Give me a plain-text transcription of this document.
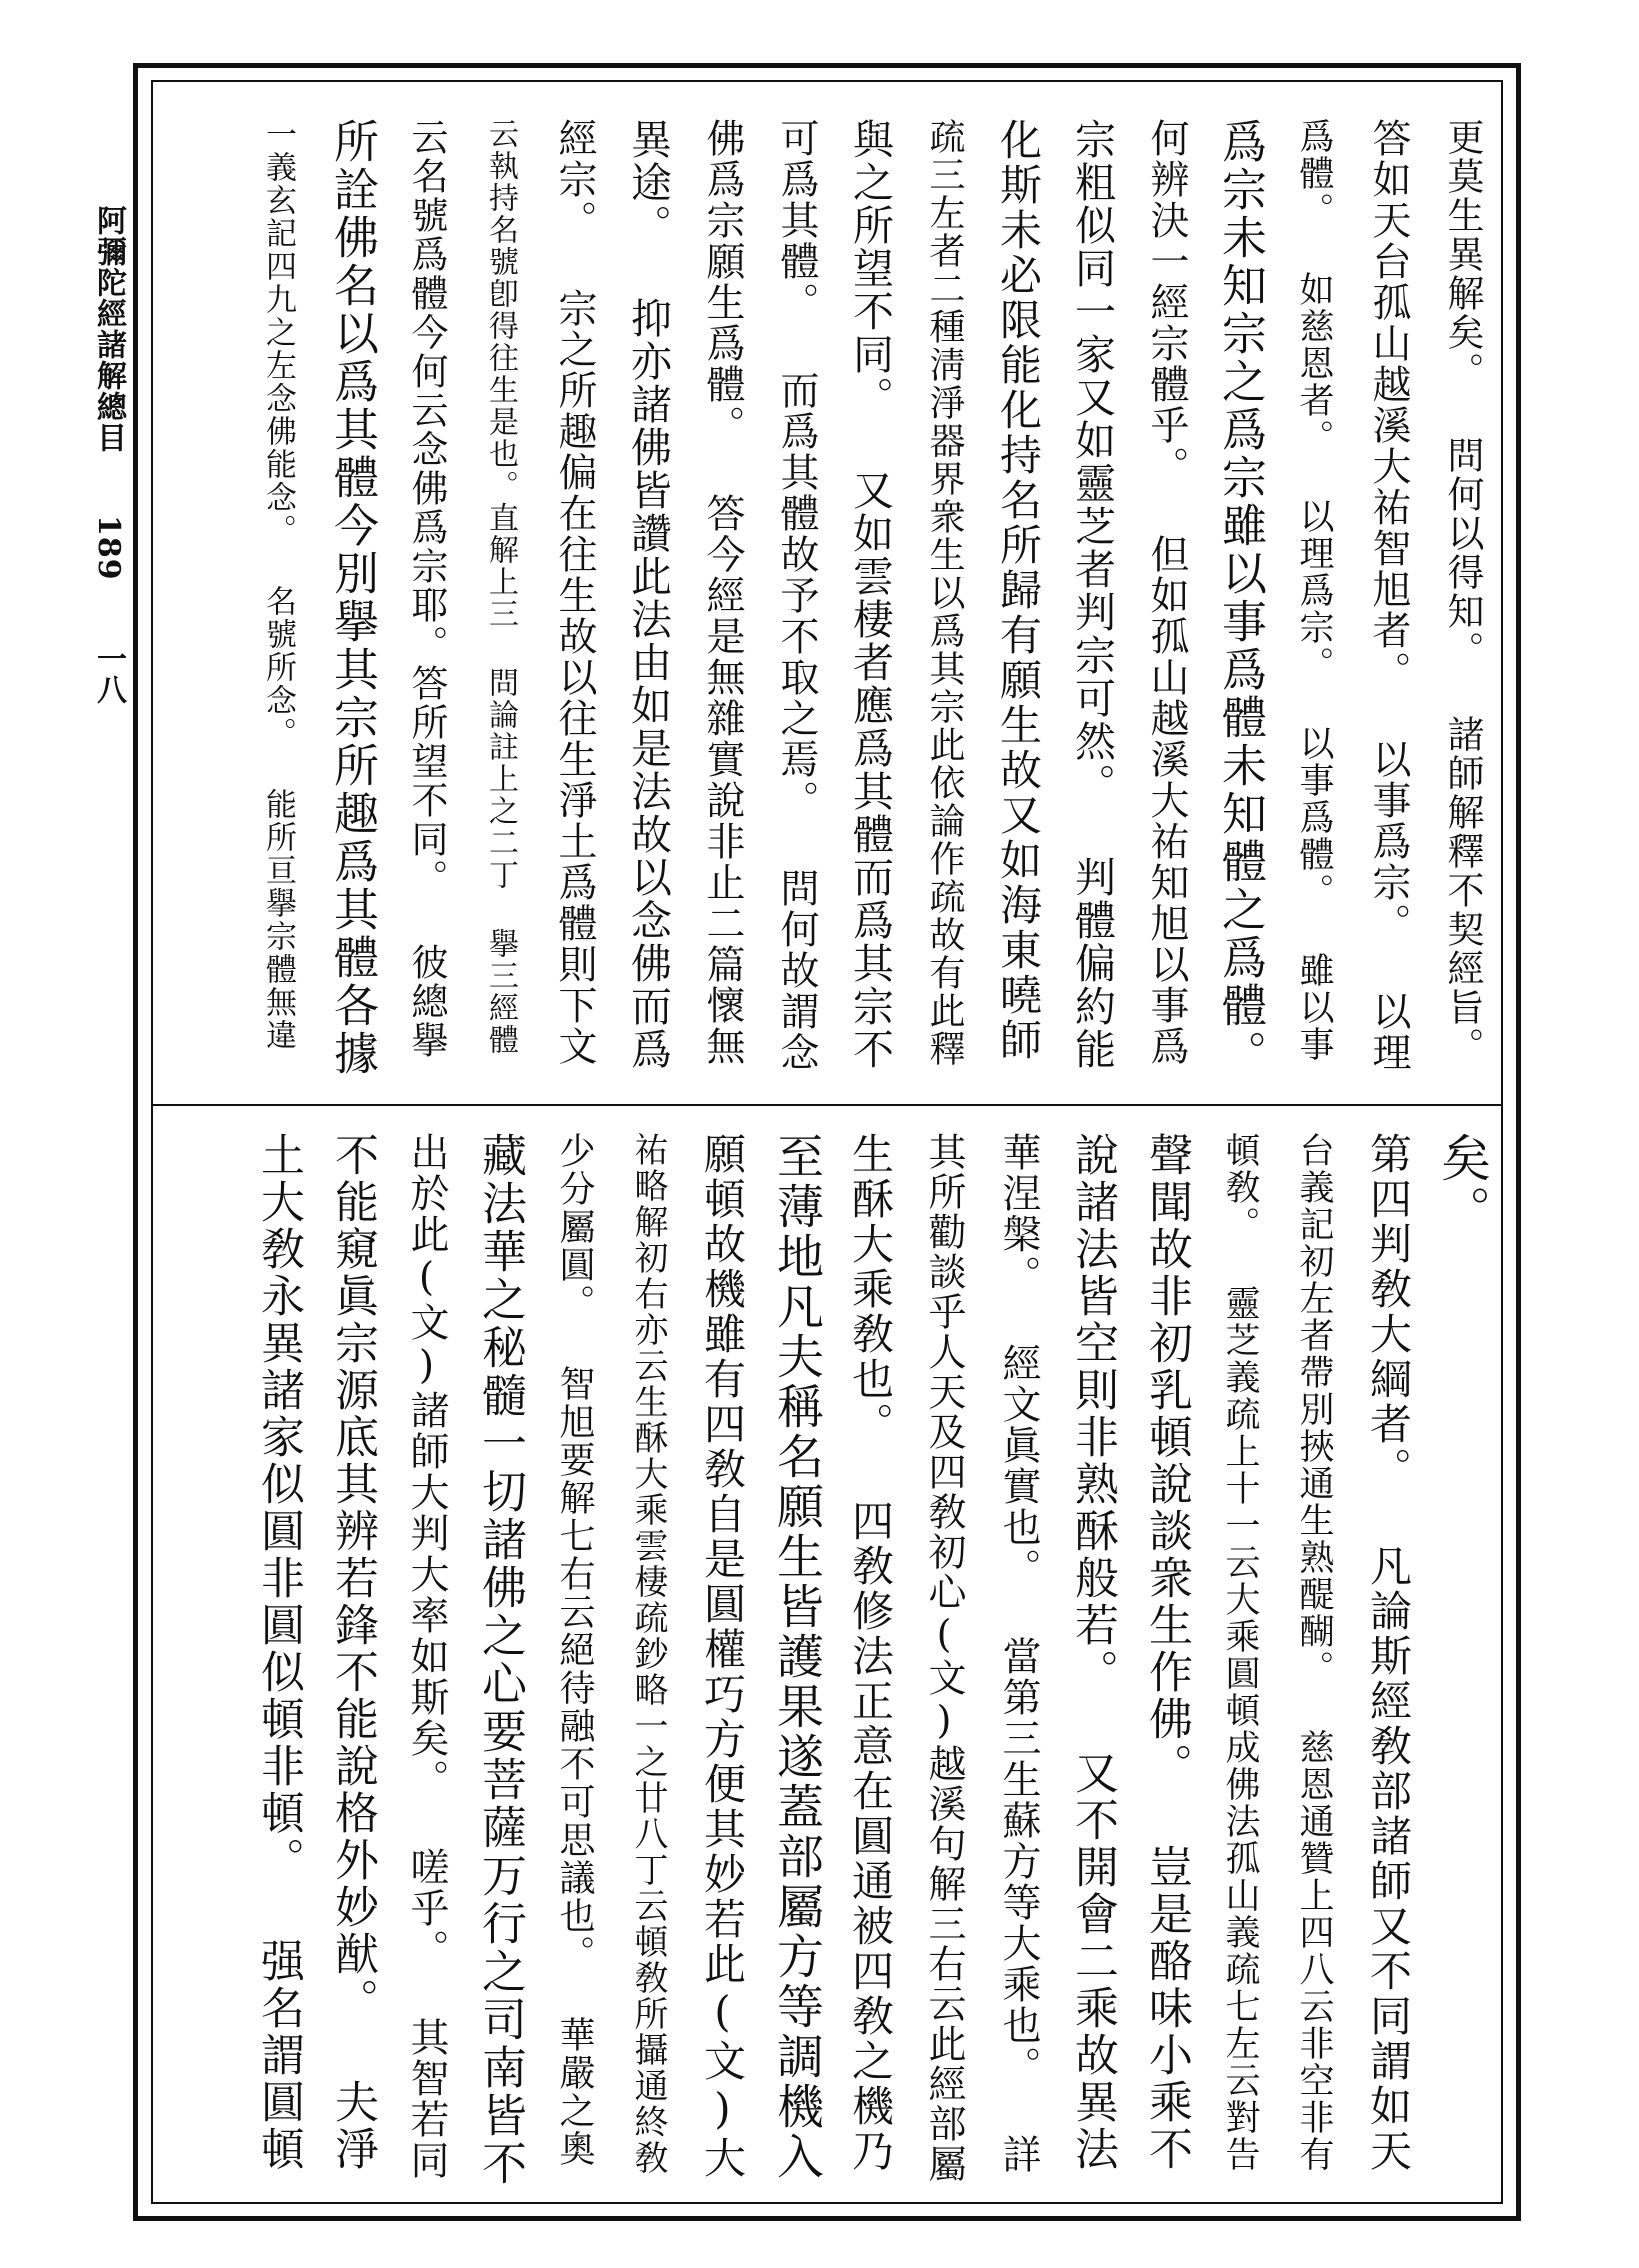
阿彌陀經諸解總目 189 一八	更莫生異解矣。 問何以得知。 諸師解釋不契經旨。
答如天台孤山越溪大祐智旭者。 以事爲宗。 以理
爲體。 如慈恩者。 以理爲宗。 以事爲體。 雖以事
爲宗未知宗之爲宗雖以事爲體未知體之爲體。
何辨決一經宗體乎。 但如孤山越溪大祐知旭以事爲
宗粗似同一家又如靈芝者判宗可然。 判體偏約能
化斯未必限能化持名所歸有願生故又如海東曉師
疏三左者二種淸淨器界衆生以爲其宗此依論作疏故有此釋
與之所望不同。 又如雲棲者應爲其體而爲其宗不
可爲其體。 而爲其體故予不取之焉。 問何故謂念
佛爲宗願生爲體。 答今經是無雜實說非止二篇懷無
異途。 抑亦諸佛皆讚此法由如是法故以念佛而爲
經宗。 宗之所趣偏在往生故以往生淨土爲體則下文
云執持名號卽得往生是也。直解上三 問論註上之二丁 擧三經體
云名號爲體今何云念佛爲宗耶。答所望不同。 彼總擧
所詮佛名以爲其體今別擧其宗所趣爲其體各據
一義玄記四九之左念佛能念。 名號所念。 能所亘擧宗體無違
矣。
第四判敎大綱者。 凡論斯經敎部諸師又不同謂如天
台義記初左者帶別挾通生熟醍醐。 慈恩通贊上四八云非空非有
頓敎。 靈芝義疏上十一云大乘圓頓成佛法孤山義疏七左云對告
聲聞故非初乳頓說談衆生作佛。 豈是酪味小乘不
說諸法皆空則非熟酥般若。 又不開會二乘故異法
華涅槃。 經文眞實也。 當第三生蘇方等大乘也。 詳
其所勸談乎人天及四敎初心(文)越溪句解三右云此經部屬
生酥大乘敎也。 四敎修法正意在圓通被四敎之機乃
至薄地凡夫稱名願生皆護果遂蓋部屬方等調機入
願頓故機雖有四敎自是圓權巧方便其妙若此(文)大
祐略解初右亦云生酥大乘雲棲疏鈔略一之廿八丁云頓敎所攝通終敎
少分屬圓。 智旭要解七右云絕待融不可思議也。 華嚴之奧
藏法華之秘髓一切諸佛之心要菩薩万行之司南皆不
出於此(文)諸師大判大率如斯矣。 嗟乎。 其智若同
不能窺眞宗源底其辨若鋒不能說格外妙猷。 夫淨
土大敎永異諸家似圓非圓似頓非頓。 强名謂圓頓
